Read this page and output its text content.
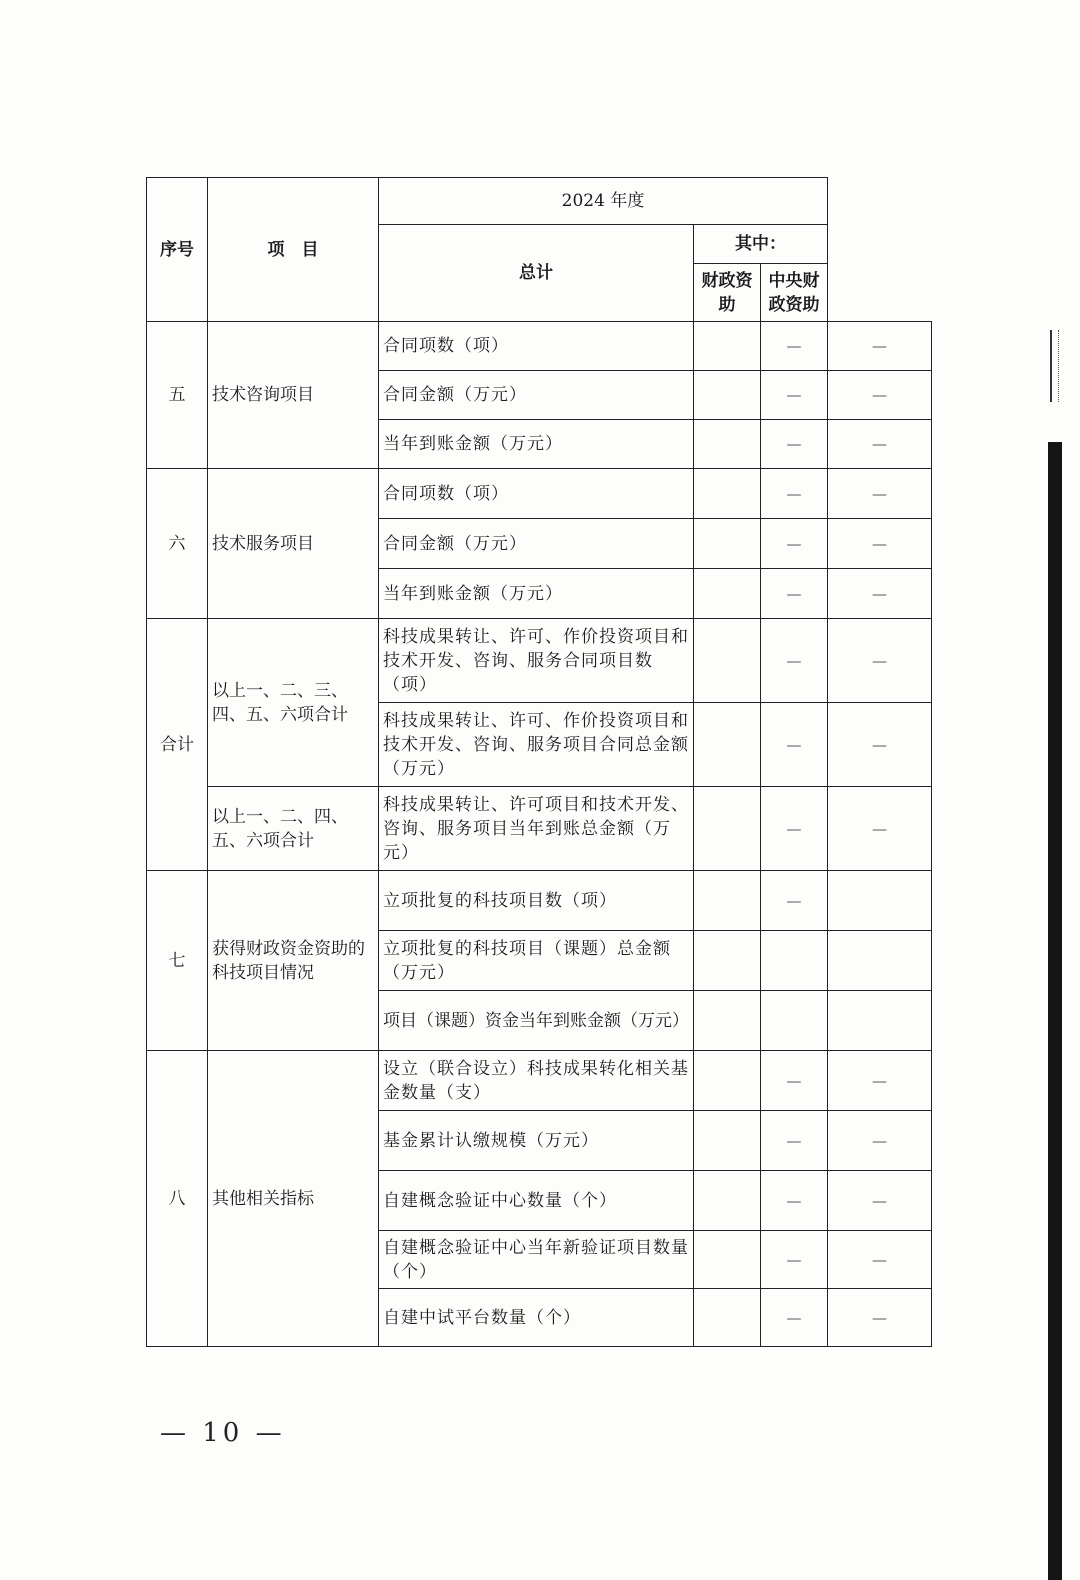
序号	项　目	2024 年度			
		总计	其中：		
			财政资助	中央财政资助	
五	技术咨询项目	合同项数（项）		—	—
		合同金额（万元）		—	—
		当年到账金额（万元）		—	—
六	技术服务项目	合同项数（项）		—	—
		合同金额（万元）		—	—
		当年到账金额（万元）		—	—
合计	以上一、二、三、四、五、六项合计	科技成果转让、许可、作价投资项目和技术开发、咨询、服务合同项目数（项）		—	—
		科技成果转让、许可、作价投资项目和技术开发、咨询、服务项目合同总金额（万元）		—	—
	以上一、二、四、五、六项合计	科技成果转让、许可项目和技术开发、咨询、服务项目当年到账总金额（万元）		—	—
七	获得财政资金资助的科技项目情况	立项批复的科技项目数（项）		—	
		立项批复的科技项目（课题）总金额（万元）			
		项目（课题）资金当年到账金额（万元）			
八	其他相关指标	设立（联合设立）科技成果转化相关基金数量（支）		—	—
		基金累计认缴规模（万元）		—	—
		自建概念验证中心数量（个）		—	—
		自建概念验证中心当年新验证项目数量（个）		—	—
		自建中试平台数量（个）		—	—
— 10 —
